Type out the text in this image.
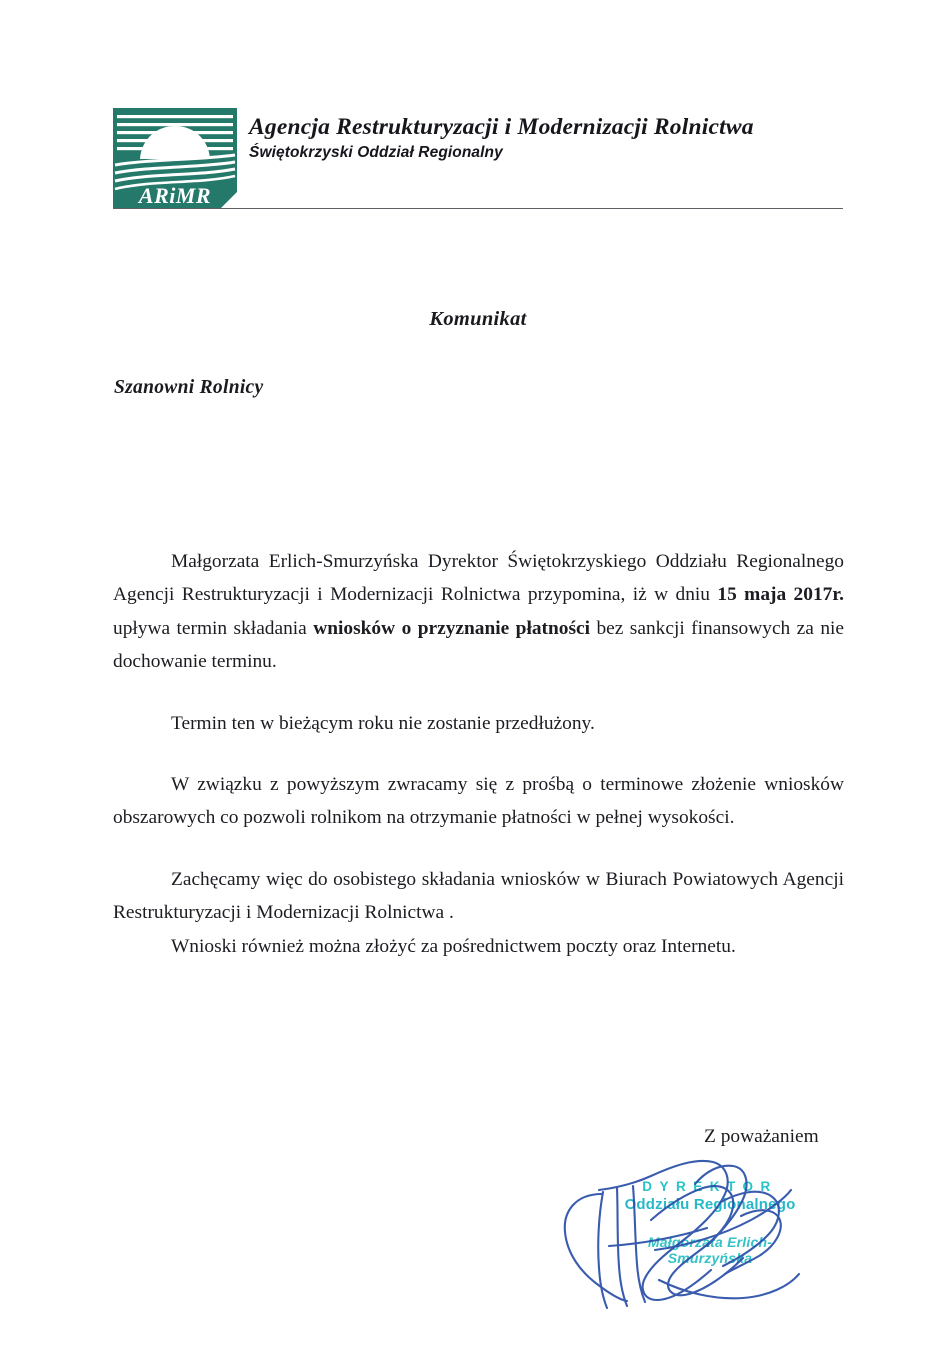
ARiMR
Agencja Restrukturyzacji i Modernizacji Rolnictwa
Świętokrzyski Oddział Regionalny
Komunikat
Szanowni Rolnicy

Małgorzata Erlich-Smurzyńska Dyrektor Świętokrzyskiego Oddziału Regionalnego Agencji Restrukturyzacji i Modernizacji Rolnictwa przypomina, iż w dniu 15 maja 2017r. upływa termin składania wniosków o przyznanie płatności bez sankcji finansowych za nie dochowanie terminu.

Termin ten w bieżącym roku nie zostanie przedłużony.

W związku z powyższym zwracamy się z prośbą o terminowe złożenie wniosków obszarowych co pozwoli rolnikom na otrzymanie płatności w pełnej wysokości.

Zachęcamy więc do osobistego składania wniosków w Biurach Powiatowych Agencji Restrukturyzacji i Modernizacji Rolnictwa .

Wnioski również można złożyć za pośrednictwem poczty oraz Internetu.

Z poważaniem
DYREKTOR
Oddziału Regionalnego
Małgorzata Erlich-Smurzyńska
